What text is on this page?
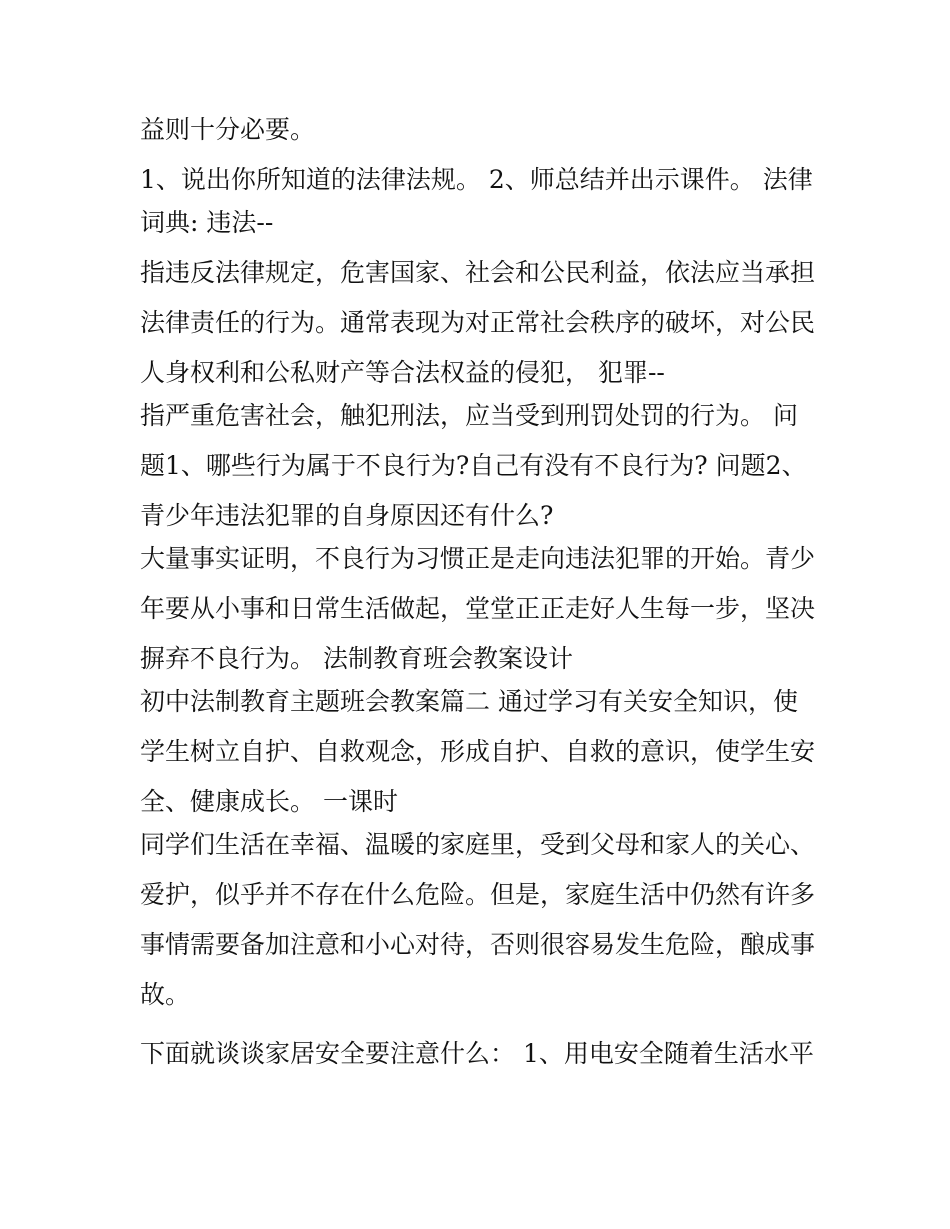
益则十分必要。
1、说出你所知道的法律法规。 2、师总结并出示课件。 法律
词典: 违法--
指违反法律规定，危害国家、社会和公民利益，依法应当承担
法律责任的行为。通常表现为对正常社会秩序的破坏，对公民
人身权利和公私财产等合法权益的侵犯， 犯罪--
指严重危害社会，触犯刑法，应当受到刑罚处罚的行为。 问
题1、哪些行为属于不良行为?自己有没有不良行为? 问题2、
青少年违法犯罪的自身原因还有什么?
大量事实证明，不良行为习惯正是走向违法犯罪的开始。青少
年要从小事和日常生活做起，堂堂正正走好人生每一步，坚决
摒弃不良行为。 法制教育班会教案设计
初中法制教育主题班会教案篇二 通过学习有关安全知识，使
学生树立自护、自救观念，形成自护、自救的意识，使学生安
全、健康成长。 一课时
同学们生活在幸福、温暖的家庭里，受到父母和家人的关心、
爱护，似乎并不存在什么危险。但是，家庭生活中仍然有许多
事情需要备加注意和小心对待，否则很容易发生危险，酿成事
故。
下面就谈谈家居安全要注意什么： 1、用电安全随着生活水平
